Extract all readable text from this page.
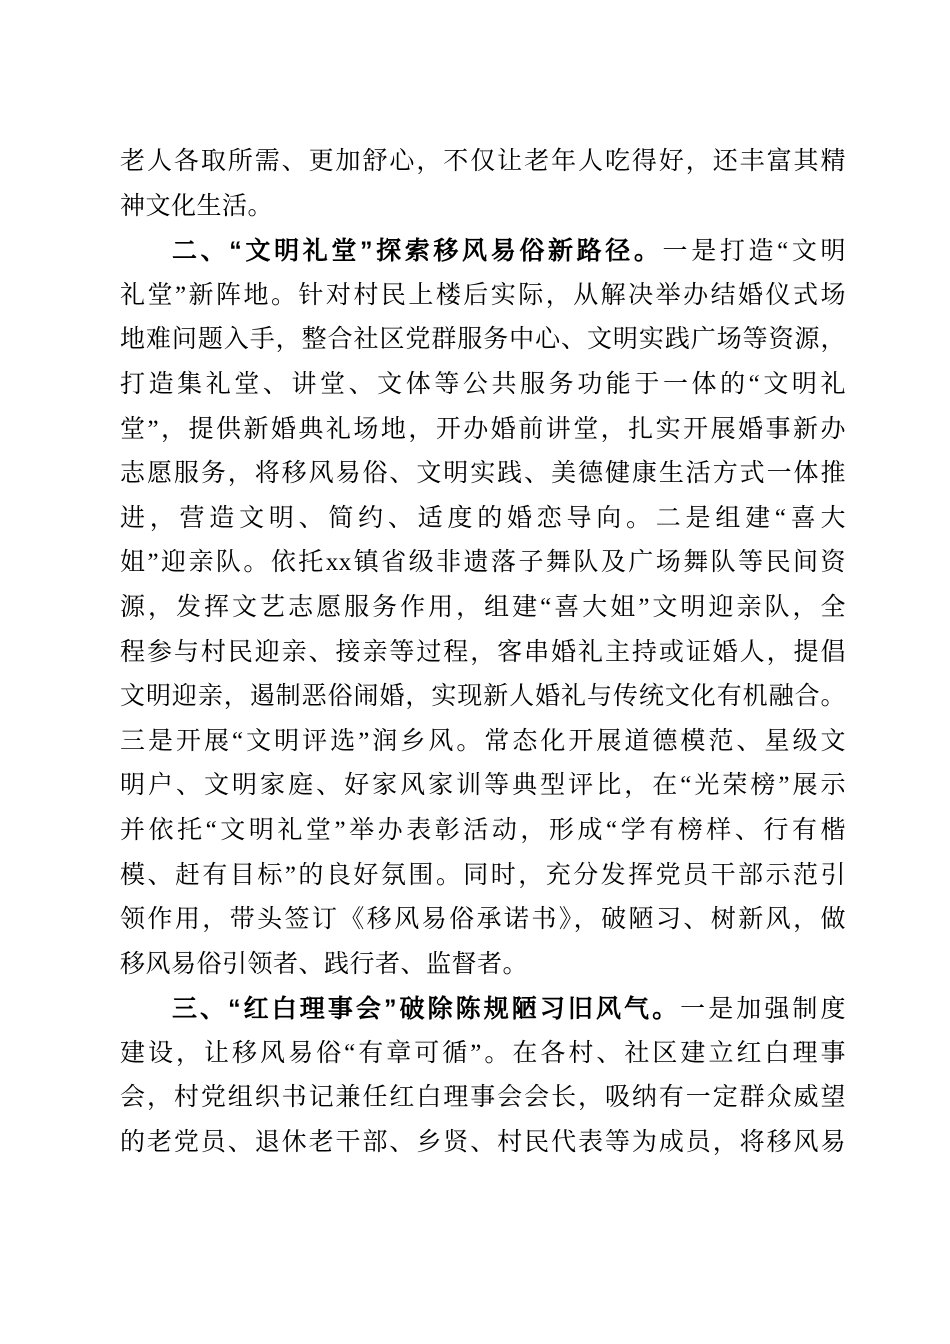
老人各取所需、更加舒心，不仅让老年人吃得好，还丰富其精
神文化生活。
二、“文明礼堂”探索移风易俗新路径。一是打造“文明
礼堂”新阵地。针对村民上楼后实际，从解决举办结婚仪式场
地难问题入手，整合社区党群服务中心、文明实践广场等资源，
打造集礼堂、讲堂、文体等公共服务功能于一体的“文明礼
堂”，提供新婚典礼场地，开办婚前讲堂，扎实开展婚事新办
志愿服务，将移风易俗、文明实践、美德健康生活方式一体推
进，营造文明、简约、适度的婚恋导向。二是组建“喜大
姐”迎亲队。依托xx镇省级非遗落子舞队及广场舞队等民间资
源，发挥文艺志愿服务作用，组建“喜大姐”文明迎亲队，全
程参与村民迎亲、接亲等过程，客串婚礼主持或证婚人，提倡
文明迎亲，遏制恶俗闹婚，实现新人婚礼与传统文化有机融合。
三是开展“文明评选”润乡风。常态化开展道德模范、星级文
明户、文明家庭、好家风家训等典型评比，在“光荣榜”展示
并依托“文明礼堂”举办表彰活动，形成“学有榜样、行有楷
模、赶有目标”的良好氛围。同时，充分发挥党员干部示范引
领作用，带头签订《移风易俗承诺书》，破陋习、树新风，做
移风易俗引领者、践行者、监督者。
三、“红白理事会”破除陈规陋习旧风气。一是加强制度
建设，让移风易俗“有章可循”。在各村、社区建立红白理事
会，村党组织书记兼任红白理事会会长，吸纳有一定群众威望
的老党员、退休老干部、乡贤、村民代表等为成员，将移风易
